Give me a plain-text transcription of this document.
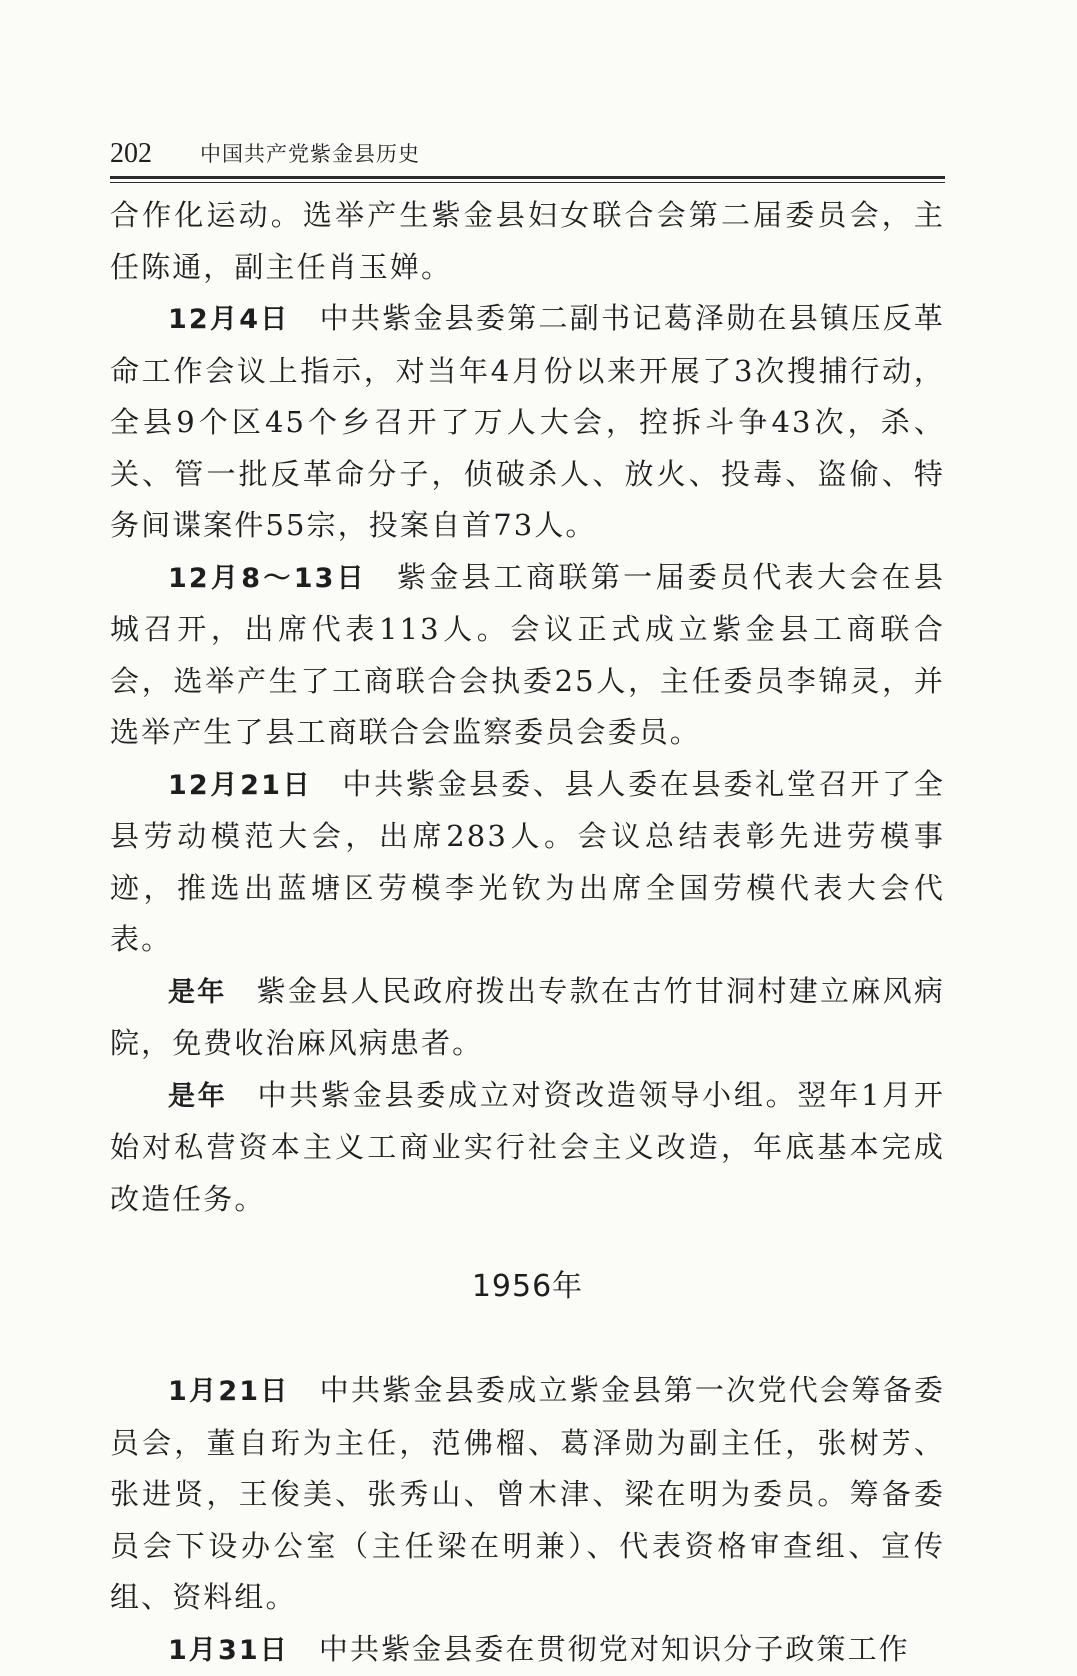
202 中国共产党紫金县历史

合作化运动。选举产生紫金县妇女联合会第二届委员会，主任陈通，副主任肖玉婵。

12月4日 中共紫金县委第二副书记葛泽勋在县镇压反革命工作会议上指示，对当年4月份以来开展了3次搜捕行动，全县9个区45个乡召开了万人大会，控拆斗争43次，杀、关、管一批反革命分子，侦破杀人、放火、投毒、盗偷、特务间谍案件55宗，投案自首73人。

12月8～13日 紫金县工商联第一届委员代表大会在县城召开，出席代表113人。会议正式成立紫金县工商联合会，选举产生了工商联合会执委25人，主任委员李锦灵，并选举产生了县工商联合会监察委员会委员。

12月21日 中共紫金县委、县人委在县委礼堂召开了全县劳动模范大会，出席283人。会议总结表彰先进劳模事迹，推选出蓝塘区劳模李光钦为出席全国劳模代表大会代表。

是年 紫金县人民政府拨出专款在古竹甘洞村建立麻风病院，免费收治麻风病患者。

是年 中共紫金县委成立对资改造领导小组。翌年1月开始对私营资本主义工商业实行社会主义改造，年底基本完成改造任务。

1956年

1月21日 中共紫金县委成立紫金县第一次党代会筹备委员会，董自珩为主任，范佛榴、葛泽勋为副主任，张树芳、张进贤，王俊美、张秀山、曾木津、梁在明为委员。筹备委员会下设办公室（主任梁在明兼）、代表资格审查组、宣传组、资料组。

1月31日 中共紫金县委在贯彻党对知识分子政策工作
